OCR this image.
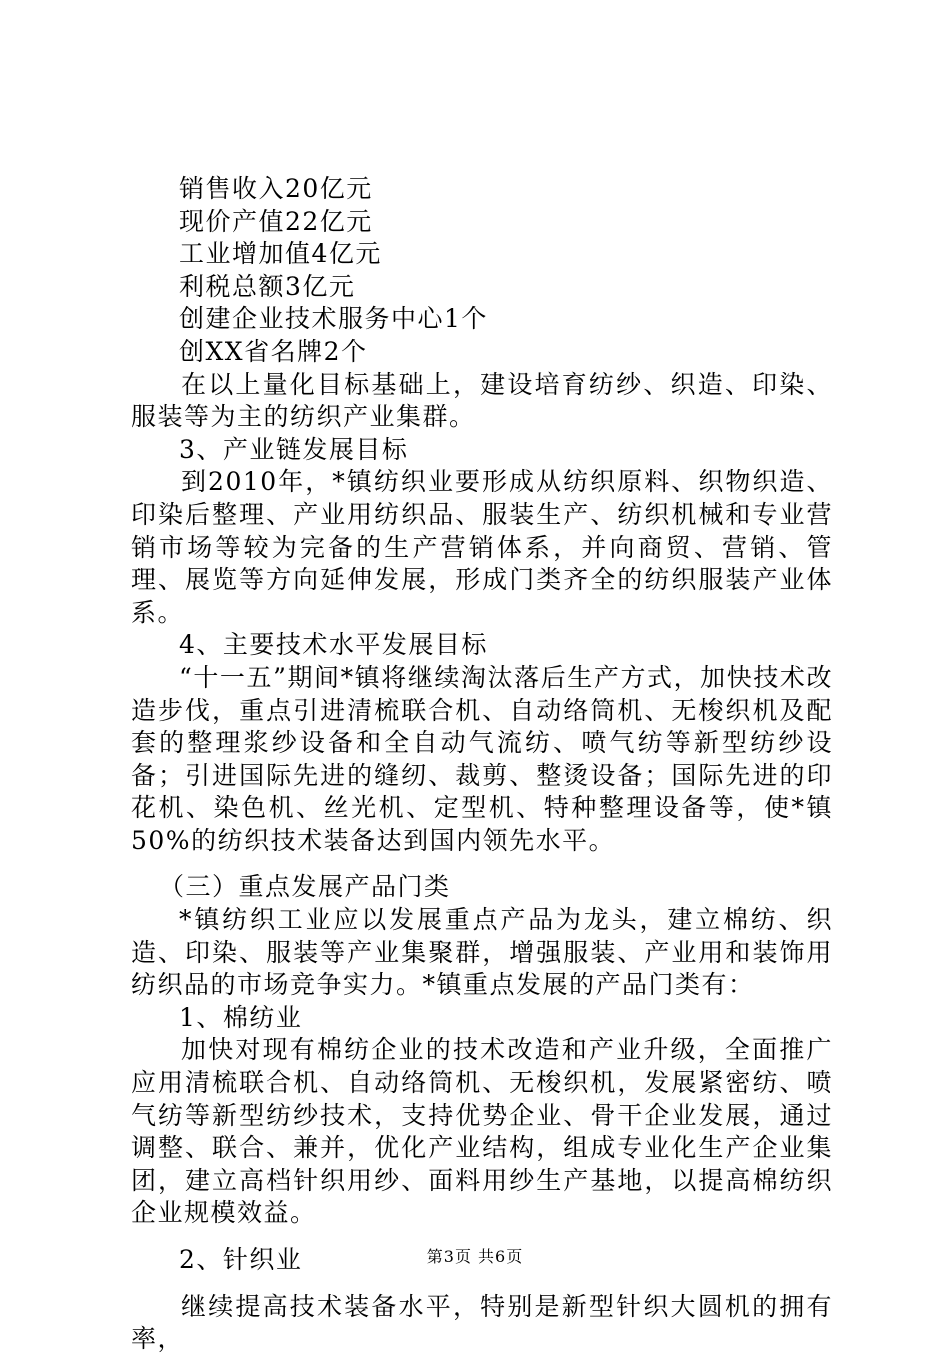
销售收入20亿元

现价产值22亿元

工业增加值4亿元

利税总额3亿元

创建企业技术服务中心1个

创XX省名牌2个

在以上量化目标基础上，建设培育纺纱、织造、印染、服装等为主的纺织产业集群。

3、产业链发展目标

到2010年，*镇纺织业要形成从纺织原料、织物织造、印染后整理、产业用纺织品、服装生产、纺织机械和专业营销市场等较为完备的生产营销体系，并向商贸、营销、管理、展览等方向延伸发展，形成门类齐全的纺织服装产业体系。

4、主要技术水平发展目标

“十一五”期间*镇将继续淘汰落后生产方式，加快技术改造步伐，重点引进清梳联合机、自动络筒机、无梭织机及配套的整理浆纱设备和全自动气流纺、喷气纺等新型纺纱设备；引进国际先进的缝纫、裁剪、整烫设备；国际先进的印花机、染色机、丝光机、定型机、特种整理设备等，使*镇50%的纺织技术装备达到国内领先水平。

（三）重点发展产品门类

*镇纺织工业应以发展重点产品为龙头，建立棉纺、织造、印染、服装等产业集聚群，增强服装、产业用和装饰用纺织品的市场竞争实力。*镇重点发展的产品门类有：

1、棉纺业

加快对现有棉纺企业的技术改造和产业升级，全面推广应用清梳联合机、自动络筒机、无梭织机，发展紧密纺、喷气纺等新型纺纱技术，支持优势企业、骨干企业发展，通过调整、联合、兼并，优化产业结构，组成专业化生产企业集团，建立高档针织用纱、面料用纱生产基地，以提高棉纺织企业规模效益。

2、针织业

继续提高技术装备水平，特别是新型针织大圆机的拥有率，

第3页 共6页
